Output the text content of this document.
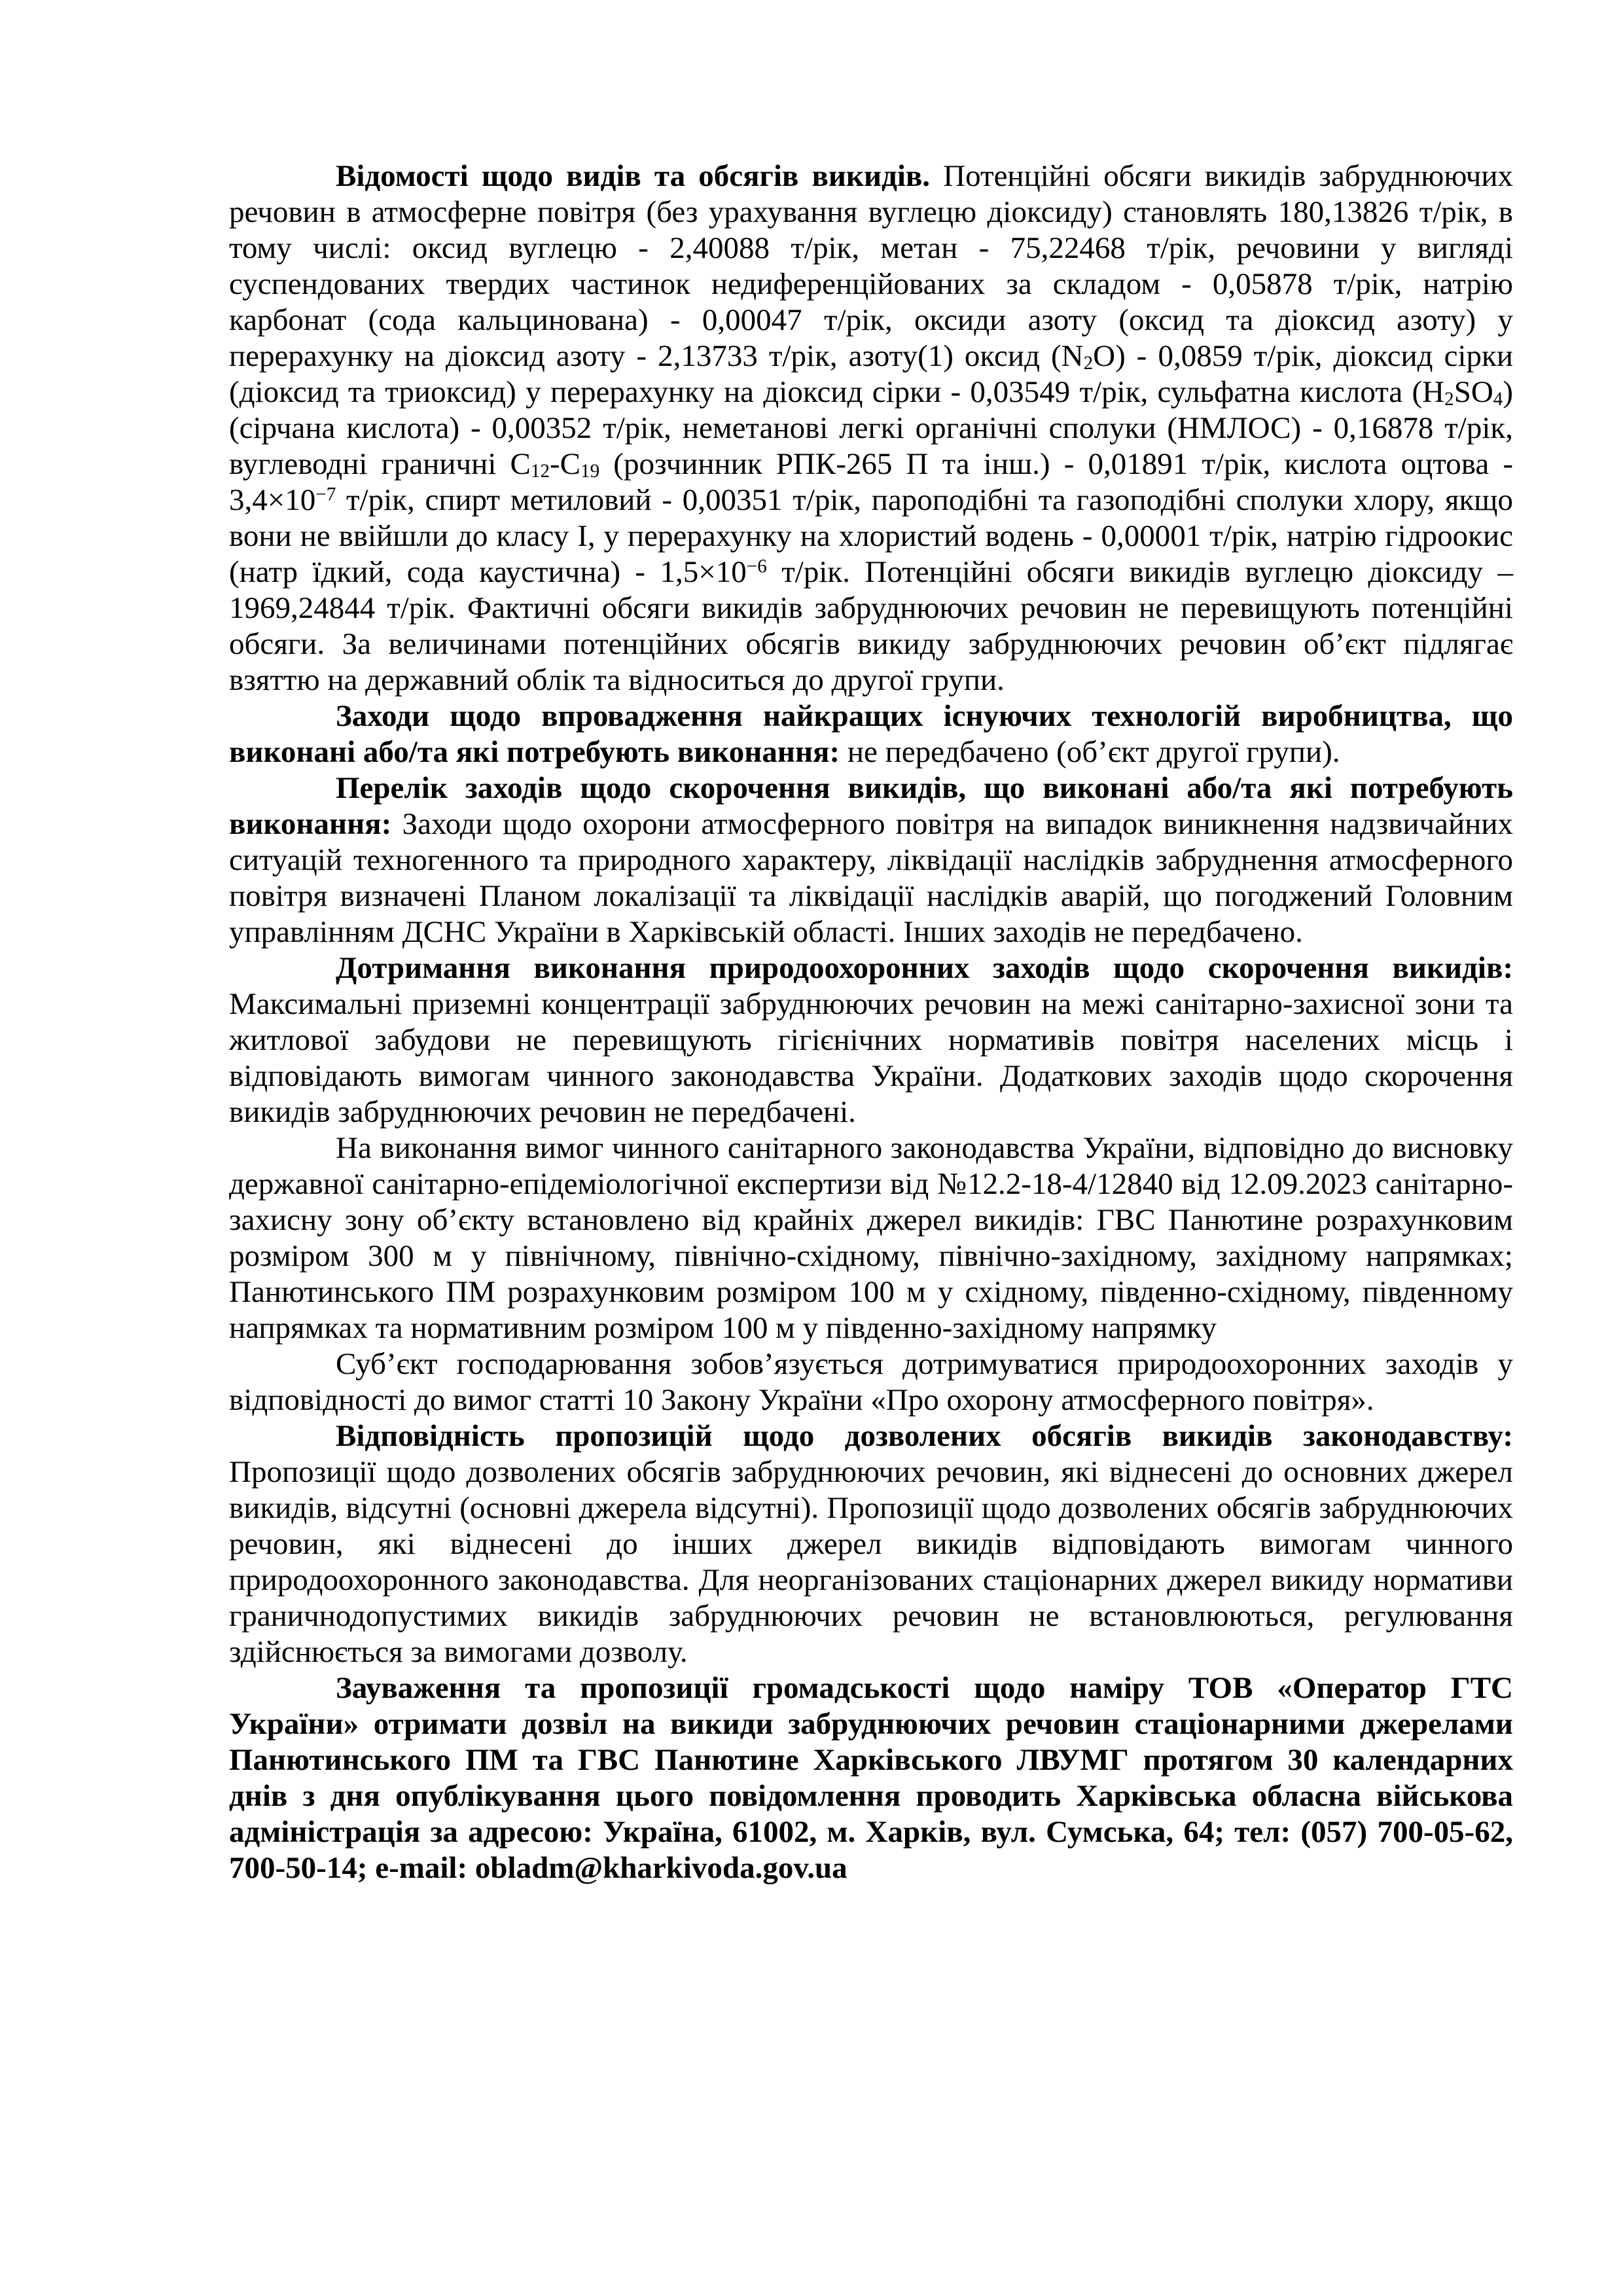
Відомості щодо видів та обсягів викидів. Потенційні обсяги викидів забруднюючих речовин в атмосферне повітря (без урахування вуглецю діоксиду) становлять 180,13826 т/рік, в тому числі: оксид вуглецю - 2,40088 т/рік, метан - 75,22468 т/рік, речовини у вигляді суспендованих твердих частинок недиференційованих за складом - 0,05878 т/рік, натрію карбонат (сода кальцинована) - 0,00047 т/рік, оксиди азоту (оксид та діоксид азоту) у перерахунку на діоксид азоту - 2,13733 т/рік, азоту(1) оксид $(N_2O) - 0,0859$ т/рік, діоксид сірки (діоксид та триоксид) у перерахунку на діоксид сірки - 0,03549 т/рік, сульфатна кислота $(H_2SO_4)$ (сірчана кислота) - 0,00352 т/рік, неметанові легкі органічні сполуки (НМЛОС) - 0,16878 т/рік, вуглеводні граничні $C_{12}-C_{19}$ (розчинник РПК-265 П та інш.) - 0,01891 т/рік, кислота оцтова - $3,4\times 10^{-7}$ т/рік, спирт метиловий - 0,00351 т/рік, пароподібні та газоподібні сполуки хлору, якщо вони не ввійшли до класу I, у перерахунку на хлористий водень - 0,00001 т/рік, натрію гідроокис (натр їдкий, сода каустична) - $1,5\times 10^{-6}$ т/рік. Потенційні обсяги викидів вуглецю діоксиду – 1969,24844 т/рік. Фактичні обсяги викидів забруднюючих речовин не перевищують потенційні обсяги. За величинами потенційних обсягів викиду забруднюючих речовин об’єкт підлягає взяттю на державний облік та відноситься до другої групи.

Заходи щодо впровадження найкращих існуючих технологій виробництва, що виконані або/та які потребують виконання: не передбачено (об’єкт другої групи).

Перелік заходів щодо скорочення викидів, що виконані або/та які потребують виконання: Заходи щодо охорони атмосферного повітря на випадок виникнення надзвичайних ситуацій техногенного та природного характеру, ліквідації наслідків забруднення атмосферного повітря визначені Планом локалізації та ліквідації наслідків аварій, що погоджений Головним управлінням ДСНС України в Харківській області. Інших заходів не передбачено.

Дотримання виконання природоохоронних заходів щодо скорочення викидів: Максимальні приземні концентрації забруднюючих речовин на межі санітарно-захисної зони та житлової забудови не перевищують гігієнічних нормативів повітря населених місць і відповідають вимогам чинного законодавства України. Додаткових заходів щодо скорочення викидів забруднюючих речовин не передбачені.

На виконання вимог чинного санітарного законодавства України, відповідно до висновку державної санітарно-епідеміологічної експертизи від №12.2-18-4/12840 від 12.09.2023 санітарно-захисну зону об’єкту встановлено від крайніх джерел викидів: ГВС Панютине розрахунковим розміром 300 м у північному, північно-східному, північно-західному, західному напрямках; Панютинського ПМ розрахунковим розміром 100 м у східному, південно-східному, південному напрямках та нормативним розміром 100 м у південно-західному напрямку

Суб’єкт господарювання зобов’язується дотримуватися природоохоронних заходів у відповідності до вимог статті 10 Закону України «Про охорону атмосферного повітря».

Відповідність пропозицій щодо дозволених обсягів викидів законодавству: Пропозиції щодо дозволених обсягів забруднюючих речовин, які віднесені до основних джерел викидів, відсутні (основні джерела відсутні). Пропозиції щодо дозволених обсягів забруднюючих речовин, які віднесені до інших джерел викидів відповідають вимогам чинного природоохоронного законодавства. Для неорганізованих стаціонарних джерел викиду нормативи граничнодопустимих викидів забруднюючих речовин не встановлюються, регулювання здійснюється за вимогами дозволу.

Зауваження та пропозиції громадськості щодо наміру ТОВ «Оператор ГТС України» отримати дозвіл на викиди забруднюючих речовин стаціонарними джерелами Панютинського ПМ та ГВС Панютине Харківського ЛВУМГ протягом 30 календарних днів з дня опублікування цього повідомлення проводить Харківська обласна військова адміністрація за адресою: Україна, 61002, м. Харків, вул. Сумська, 64; тел: (057) 700-05-62, 700-50-14; e-mail: obladm@kharkivoda.gov.ua
